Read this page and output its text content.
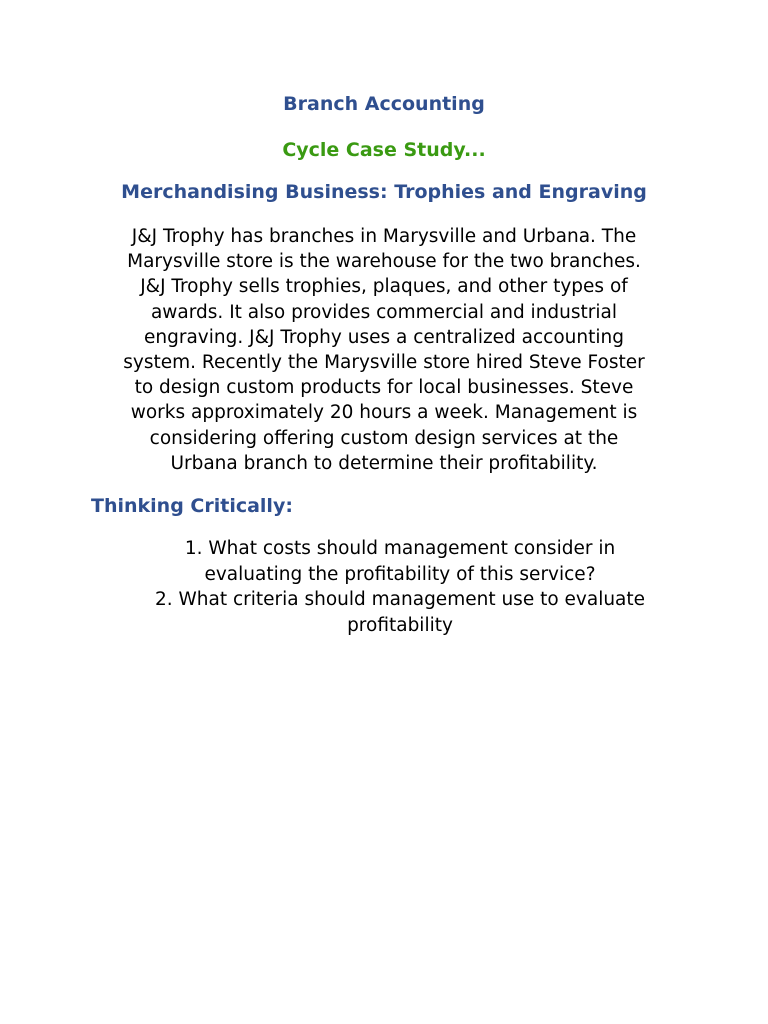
Branch Accounting
Cycle Case Study...
Merchandising Business: Trophies and Engraving
J&J Trophy has branches in Marysville and Urbana. The
Marysville store is the warehouse for the two branches.
J&J Trophy sells trophies, plaques, and other types of
awards. It also provides commercial and industrial
engraving. J&J Trophy uses a centralized accounting
system. Recently the Marysville store hired Steve Foster
to design custom products for local businesses. Steve
works approximately 20 hours a week. Management is
considering offering custom design services at the
Urbana branch to determine their profitability.
Thinking Critically:
1. What costs should management consider in
evaluating the profitability of this service?
2. What criteria should management use to evaluate
profitability
